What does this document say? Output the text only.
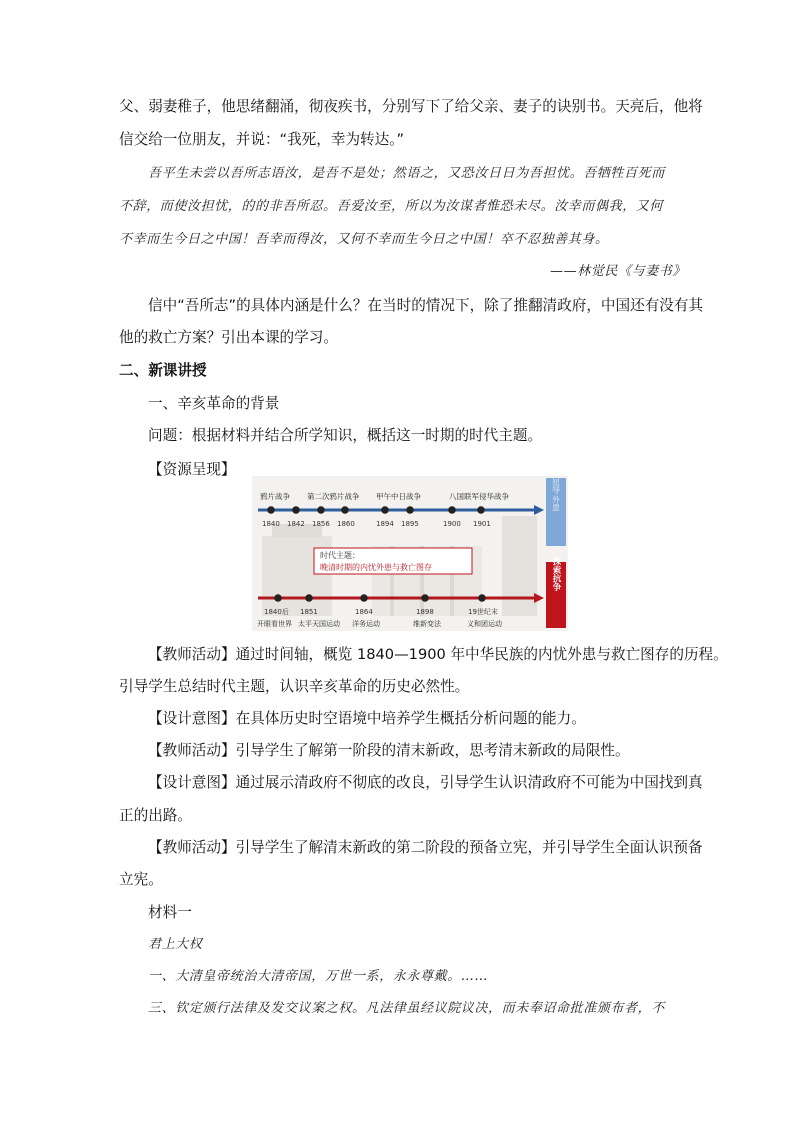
父、弱妻稚子，他思绪翻涌，彻夜疾书，分别写下了给父亲、妻子的诀别书。天亮后，他将
信交给一位朋友，并说：“我死，幸为转达。”
吾平生未尝以吾所志语汝，是吾不是处；然语之，又恐汝日日为吾担忧。吾牺牲百死而
不辞，而使汝担忧，的的非吾所忍。吾爱汝至，所以为汝谋者惟恐未尽。汝幸而偶我，又何
不幸而生今日之中国！吾幸而得汝，又何不幸而生今日之中国！卒不忍独善其身。
——林觉民《与妻书》
信中“吾所志”的具体内涵是什么？在当时的情况下，除了推翻清政府，中国还有没有其
他的救亡方案？引出本课的学习。
二、新课讲授
一、辛亥革命的背景
问题：根据材料并结合所学知识，概括这一时期的时代主题。
【资源呈现】
鸦片战争 第二次鸦片战争 甲午中日战争	八国联军侵华战争
1840 1842 1856 1860	1894 1895	1900 1901
屈辱·外患
时代主题：
晚清时期的内忧外患与救亡图存
1840后 1851	1864	1898	19世纪末
开眼看世界 太平天国运动 洋务运动	维新变法	义和团运动
探索抗争
【教师活动】通过时间轴，概览 1840—1900 年中华民族的内忧外患与救亡图存的历程。
引导学生总结时代主题，认识辛亥革命的历史必然性。
【设计意图】在具体历史时空语境中培养学生概括分析问题的能力。
【教师活动】引导学生了解第一阶段的清末新政，思考清末新政的局限性。
【设计意图】通过展示清政府不彻底的改良，引导学生认识清政府不可能为中国找到真
正的出路。
【教师活动】引导学生了解清末新政的第二阶段的预备立宪，并引导学生全面认识预备
立宪。
材料一
君上大权
一、大清皇帝统治大清帝国，万世一系，永永尊戴。……
三、钦定颁行法律及发交议案之权。凡法律虽经议院议决，而未奉诏命批准颁布者，不
